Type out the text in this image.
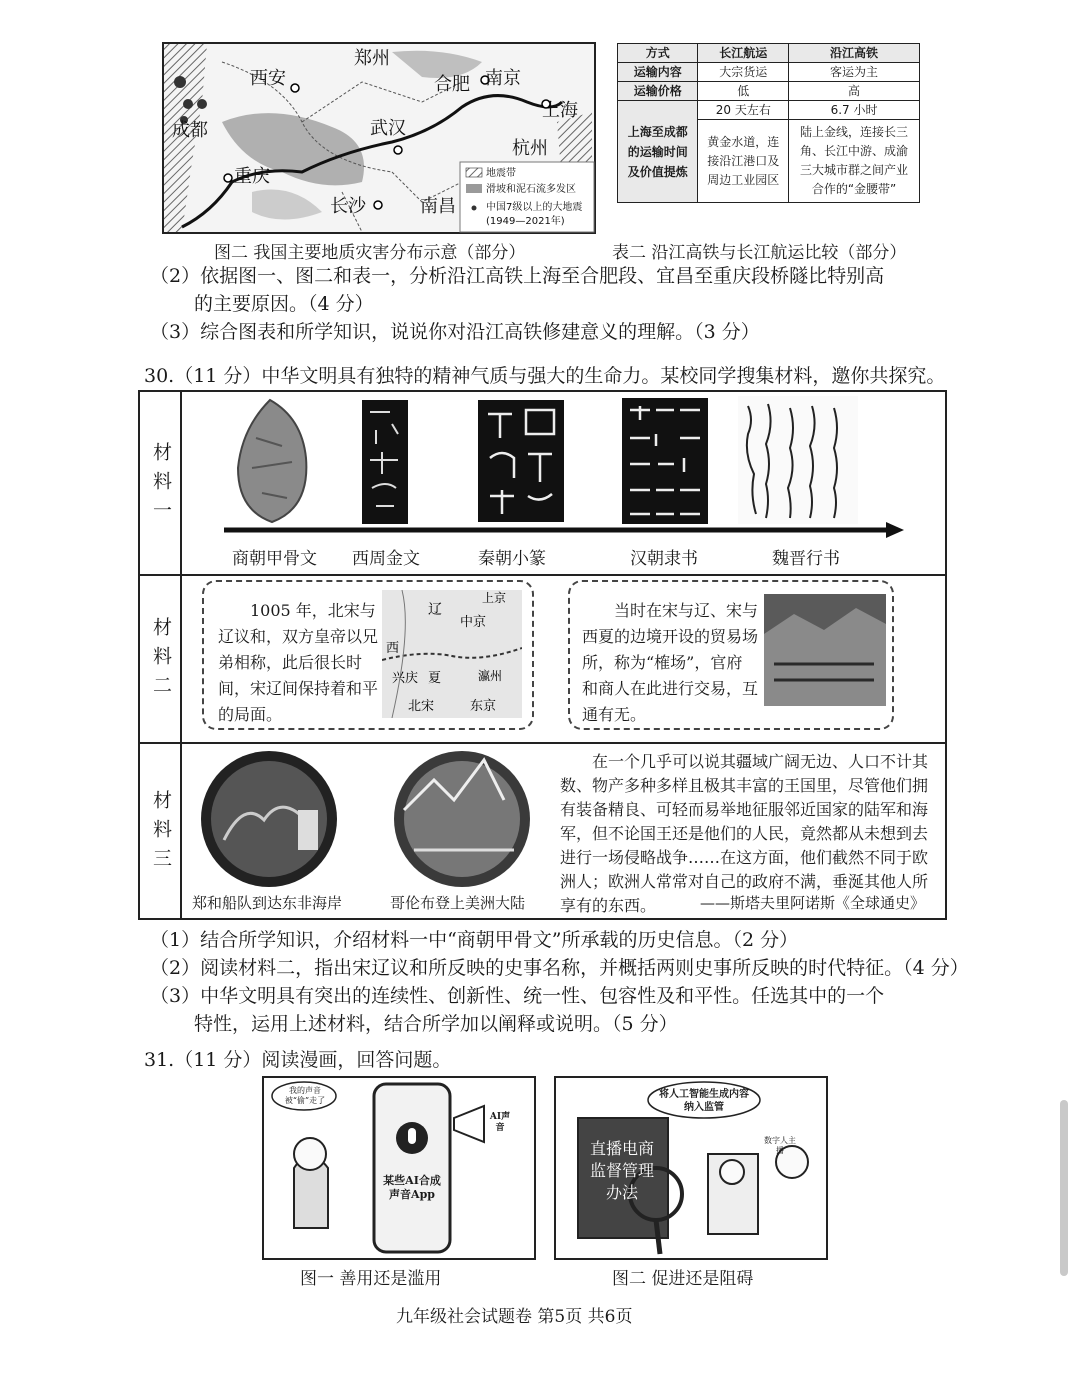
郑州
西安	合肥 南京
上海
成都	武汉
杭州
重庆
长沙	南昌
地震带
滑坡和泥石流多发区
中国7级以上的大地震
(1949—2021年)
方式	长江航运	沿江高铁
运输内容	大宗货运	客运为主
运输价格	低	高
上海至成都的运输时间及价值提炼	20 天左右	6.7 小时
	黄金水道，连接沿江港口及周边工业园区	陆上金线，连接长三角、长江中游、成渝三大城市群之间产业合作的“金腰带”
图二 我国主要地质灾害分布示意（部分）	表二 沿江高铁与长江航运比较（部分）
（2）依据图一、图二和表一，分析沿江高铁上海至合肥段、宜昌至重庆段桥隧比特别高
的主要原因。（4 分）
（3）综合图表和所学知识，说说你对沿江高铁修建意义的理解。（3 分）
30.（11 分）中华文明具有独特的精神气质与强大的生命力。某校同学搜集材料，邀你共探究。
材料一
材料二
材料三
商朝甲骨文 西周金文	秦朝小篆	汉朝隶书	魏晋行书
1005 年，北宋与辽议和，双方皇帝以兄弟相称，此后很长时间，宋辽间保持着和平的局面。
上京
辽
中京
西
兴庆 夏
北宋	东京
瀛州
当时在宋与辽、宋与西夏的边境开设的贸易场所，称为“榷场”，官府和商人在此进行交易，互通有无。
郑和船队到达东非海岸	哥伦布登上美洲大陆
在一个几乎可以说其疆域广阔无边、人口不计其数、物产多种多样且极其丰富的王国里，尽管他们拥有装备精良、可轻而易举地征服邻近国家的陆军和海军，但不论国王还是他们的人民，竟然都从未想到去进行一场侵略战争……在这方面，他们截然不同于欧洲人；欧洲人常常对自己的政府不满，垂涎其他人所享有的东西。	——斯塔夫里阿诺斯《全球通史》
（1）结合所学知识，介绍材料一中“商朝甲骨文”所承载的历史信息。（2 分）
（2）阅读材料二，指出宋辽议和所反映的史事名称，并概括两则史事所反映的时代特征。（4 分）
（3）中华文明具有突出的连续性、创新性、统一性、包容性及和平性。任选其中的一个
特性，运用上述材料，结合所学加以阐释或说明。（5 分）
31.（11 分）阅读漫画，回答问题。
我的声音被“偷”走了
某些AI合成声音App
AI声音
图一 善用还是滥用
将人工智能生成内容纳入监管
直播电商监督管理办法
数字人主播
图二 促进还是阻碍
九年级社会试题卷 第5页 共6页
